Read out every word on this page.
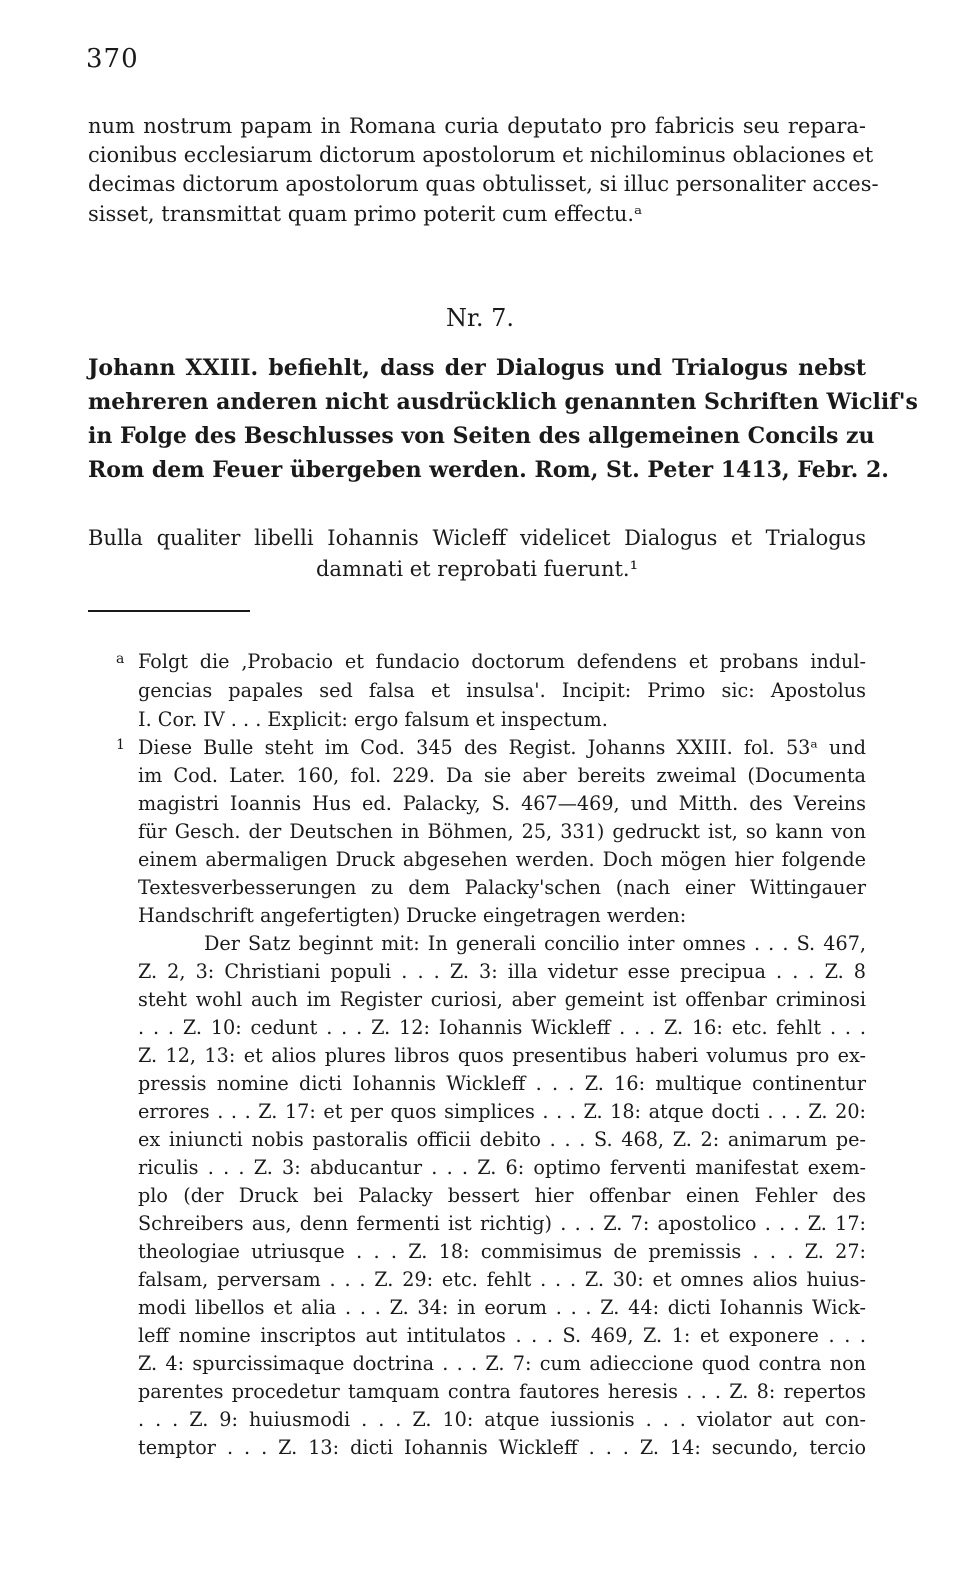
370
num nostrum papam in Romana curia deputato pro fabricis seu repara-
cionibus ecclesiarum dictorum apostolorum et nichilominus oblaciones et
decimas dictorum apostolorum quas obtulisset, si illuc personaliter acces-
sisset, transmittat quam primo poterit cum effectu.ᵃ
Nr. 7.
Johann XXIII. befiehlt, dass der Dialogus und Trialogus nebst
mehreren anderen nicht ausdrücklich genannten Schriften Wiclif's
in Folge des Beschlusses von Seiten des allgemeinen Concils zu
Rom dem Feuer übergeben werden. Rom, St. Peter 1413, Febr. 2.
Bulla qualiter libelli Iohannis Wicleff videlicet Dialogus et Trialogus
damnati et reprobati fuerunt.¹
a Folgt die ‚Probacio et fundacio doctorum defendens et probans indul-
gencias papales sed falsa et insulsa'. Incipit: Primo sic: Apostolus
I. Cor. IV . . . Explicit: ergo falsum et inspectum.
1 Diese Bulle steht im Cod. 345 des Regist. Johanns XXIII. fol. 53ᵃ und
im Cod. Later. 160, fol. 229. Da sie aber bereits zweimal (Documenta
magistri Ioannis Hus ed. Palacky, S. 467—469, und Mitth. des Vereins
für Gesch. der Deutschen in Böhmen, 25, 331) gedruckt ist, so kann von
einem abermaligen Druck abgesehen werden. Doch mögen hier folgende
Textesverbesserungen zu dem Palacky'schen (nach einer Wittingauer
Handschrift angefertigten) Drucke eingetragen werden:
Der Satz beginnt mit: In generali concilio inter omnes . . . S. 467,
Z. 2, 3: Christiani populi . . . Z. 3: illa videtur esse precipua . . . Z. 8
steht wohl auch im Register curiosi, aber gemeint ist offenbar criminosi
. . . Z. 10: cedunt . . . Z. 12: Iohannis Wickleff . . . Z. 16: etc. fehlt . . .
Z. 12, 13: et alios plures libros quos presentibus haberi volumus pro ex-
pressis nomine dicti Iohannis Wickleff . . . Z. 16: multique continentur
errores . . . Z. 17: et per quos simplices . . . Z. 18: atque docti . . . Z. 20:
ex iniuncti nobis pastoralis officii debito . . . S. 468, Z. 2: animarum pe-
riculis . . . Z. 3: abducantur . . . Z. 6: optimo ferventi manifestat exem-
plo (der Druck bei Palacky bessert hier offenbar einen Fehler des
Schreibers aus, denn fermenti ist richtig) . . . Z. 7: apostolico . . . Z. 17:
theologiae utriusque . . . Z. 18: commisimus de premissis . . . Z. 27:
falsam, perversam . . . Z. 29: etc. fehlt . . . Z. 30: et omnes alios huius-
modi libellos et alia . . . Z. 34: in eorum . . . Z. 44: dicti Iohannis Wick-
leff nomine inscriptos aut intitulatos . . . S. 469, Z. 1: et exponere . . .
Z. 4: spurcissimaque doctrina . . . Z. 7: cum adieccione quod contra non
parentes procedetur tamquam contra fautores heresis . . . Z. 8: repertos
. . . Z. 9: huiusmodi . . . Z. 10: atque iussionis . . . violator aut con-
temptor . . . Z. 13: dicti Iohannis Wickleff . . . Z. 14: secundo, tercio
